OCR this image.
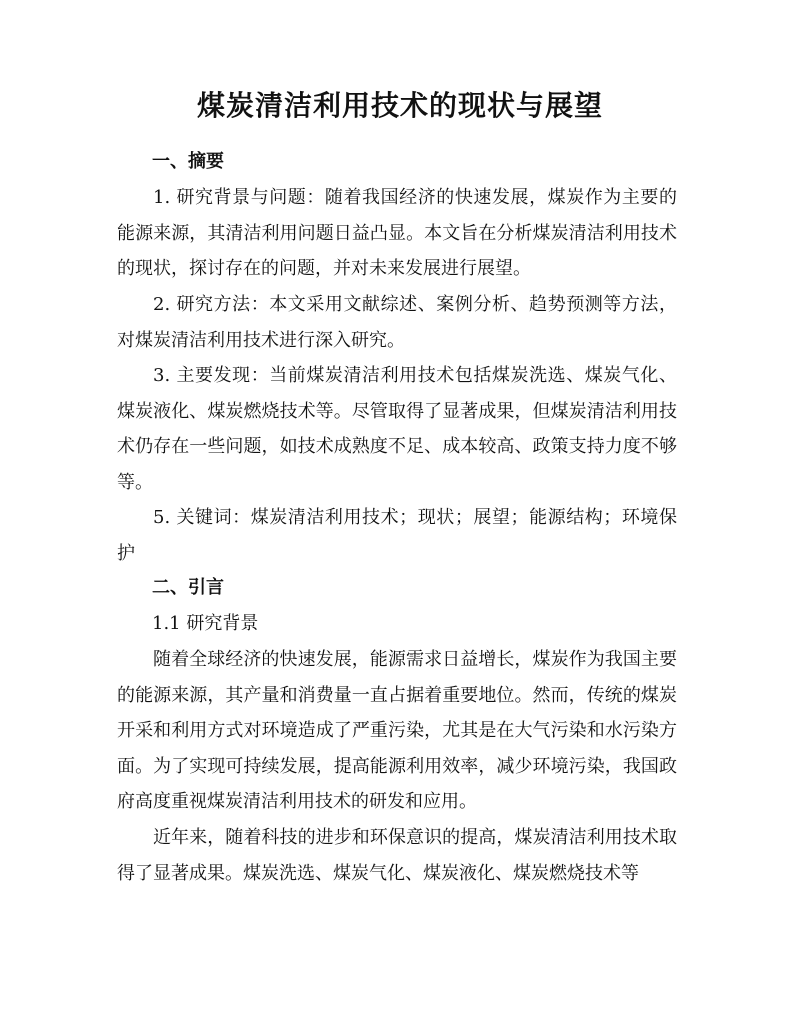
煤炭清洁利用技术的现状与展望
一、摘要

1. 研究背景与问题：随着我国经济的快速发展，煤炭作为主要的能源来源，其清洁利用问题日益凸显。本文旨在分析煤炭清洁利用技术的现状，探讨存在的问题，并对未来发展进行展望。

2. 研究方法：本文采用文献综述、案例分析、趋势预测等方法，对煤炭清洁利用技术进行深入研究。

3. 主要发现：当前煤炭清洁利用技术包括煤炭洗选、煤炭气化、煤炭液化、煤炭燃烧技术等。尽管取得了显著成果，但煤炭清洁利用技术仍存在一些问题，如技术成熟度不足、成本较高、政策支持力度不够等。

5. 关键词：煤炭清洁利用技术；现状；展望；能源结构；环境保护

二、引言
1.1 研究背景

随着全球经济的快速发展，能源需求日益增长，煤炭作为我国主要的能源来源，其产量和消费量一直占据着重要地位。然而，传统的煤炭开采和利用方式对环境造成了严重污染，尤其是在大气污染和水污染方面。为了实现可持续发展，提高能源利用效率，减少环境污染，我国政府高度重视煤炭清洁利用技术的研发和应用。

近年来，随着科技的进步和环保意识的提高，煤炭清洁利用技术取得了显著成果。煤炭洗选、煤炭气化、煤炭液化、煤炭燃烧技术等
